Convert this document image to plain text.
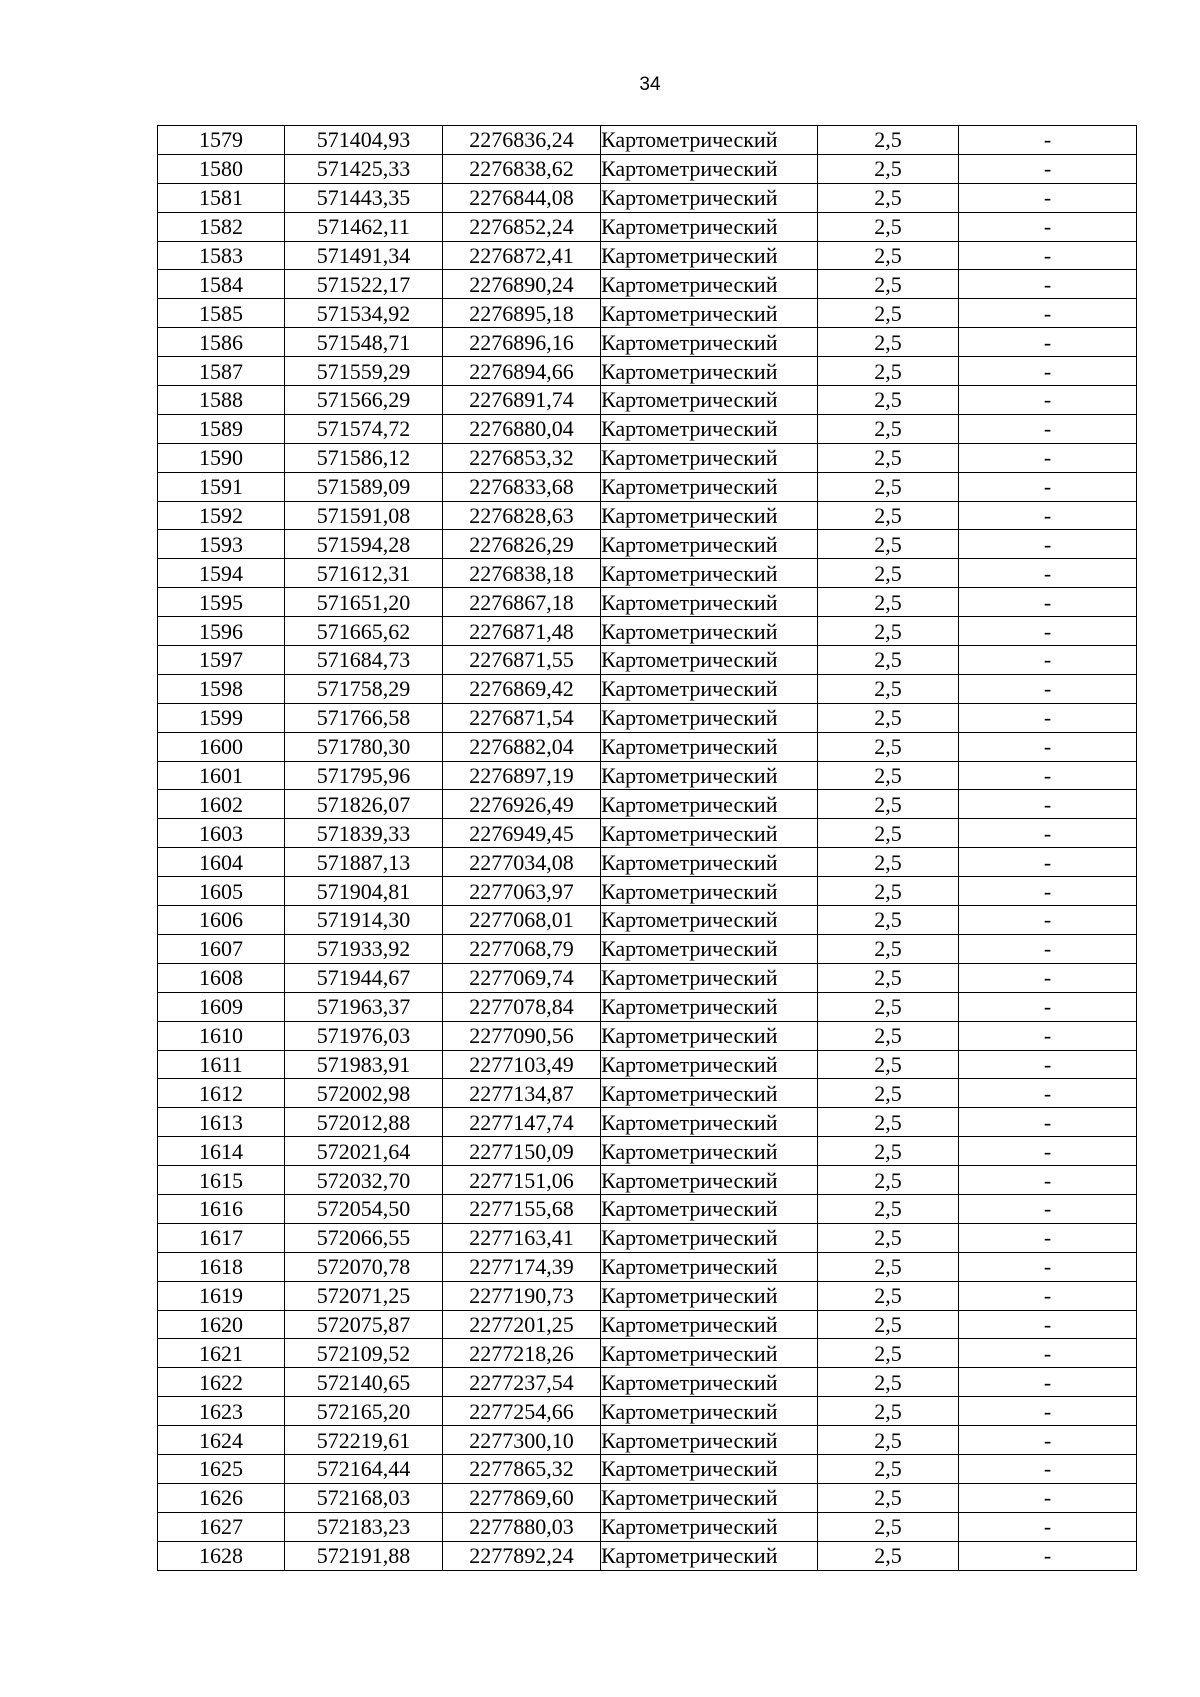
34
1579	571404,93	2276836,24	Картометрический	2,5	-
1580	571425,33	2276838,62	Картометрический	2,5	-
1581	571443,35	2276844,08	Картометрический	2,5	-
1582	571462,11	2276852,24	Картометрический	2,5	-
1583	571491,34	2276872,41	Картометрический	2,5	-
1584	571522,17	2276890,24	Картометрический	2,5	-
1585	571534,92	2276895,18	Картометрический	2,5	-
1586	571548,71	2276896,16	Картометрический	2,5	-
1587	571559,29	2276894,66	Картометрический	2,5	-
1588	571566,29	2276891,74	Картометрический	2,5	-
1589	571574,72	2276880,04	Картометрический	2,5	-
1590	571586,12	2276853,32	Картометрический	2,5	-
1591	571589,09	2276833,68	Картометрический	2,5	-
1592	571591,08	2276828,63	Картометрический	2,5	-
1593	571594,28	2276826,29	Картометрический	2,5	-
1594	571612,31	2276838,18	Картометрический	2,5	-
1595	571651,20	2276867,18	Картометрический	2,5	-
1596	571665,62	2276871,48	Картометрический	2,5	-
1597	571684,73	2276871,55	Картометрический	2,5	-
1598	571758,29	2276869,42	Картометрический	2,5	-
1599	571766,58	2276871,54	Картометрический	2,5	-
1600	571780,30	2276882,04	Картометрический	2,5	-
1601	571795,96	2276897,19	Картометрический	2,5	-
1602	571826,07	2276926,49	Картометрический	2,5	-
1603	571839,33	2276949,45	Картометрический	2,5	-
1604	571887,13	2277034,08	Картометрический	2,5	-
1605	571904,81	2277063,97	Картометрический	2,5	-
1606	571914,30	2277068,01	Картометрический	2,5	-
1607	571933,92	2277068,79	Картометрический	2,5	-
1608	571944,67	2277069,74	Картометрический	2,5	-
1609	571963,37	2277078,84	Картометрический	2,5	-
1610	571976,03	2277090,56	Картометрический	2,5	-
1611	571983,91	2277103,49	Картометрический	2,5	-
1612	572002,98	2277134,87	Картометрический	2,5	-
1613	572012,88	2277147,74	Картометрический	2,5	-
1614	572021,64	2277150,09	Картометрический	2,5	-
1615	572032,70	2277151,06	Картометрический	2,5	-
1616	572054,50	2277155,68	Картометрический	2,5	-
1617	572066,55	2277163,41	Картометрический	2,5	-
1618	572070,78	2277174,39	Картометрический	2,5	-
1619	572071,25	2277190,73	Картометрический	2,5	-
1620	572075,87	2277201,25	Картометрический	2,5	-
1621	572109,52	2277218,26	Картометрический	2,5	-
1622	572140,65	2277237,54	Картометрический	2,5	-
1623	572165,20	2277254,66	Картометрический	2,5	-
1624	572219,61	2277300,10	Картометрический	2,5	-
1625	572164,44	2277865,32	Картометрический	2,5	-
1626	572168,03	2277869,60	Картометрический	2,5	-
1627	572183,23	2277880,03	Картометрический	2,5	-
1628	572191,88	2277892,24	Картометрический	2,5	-
